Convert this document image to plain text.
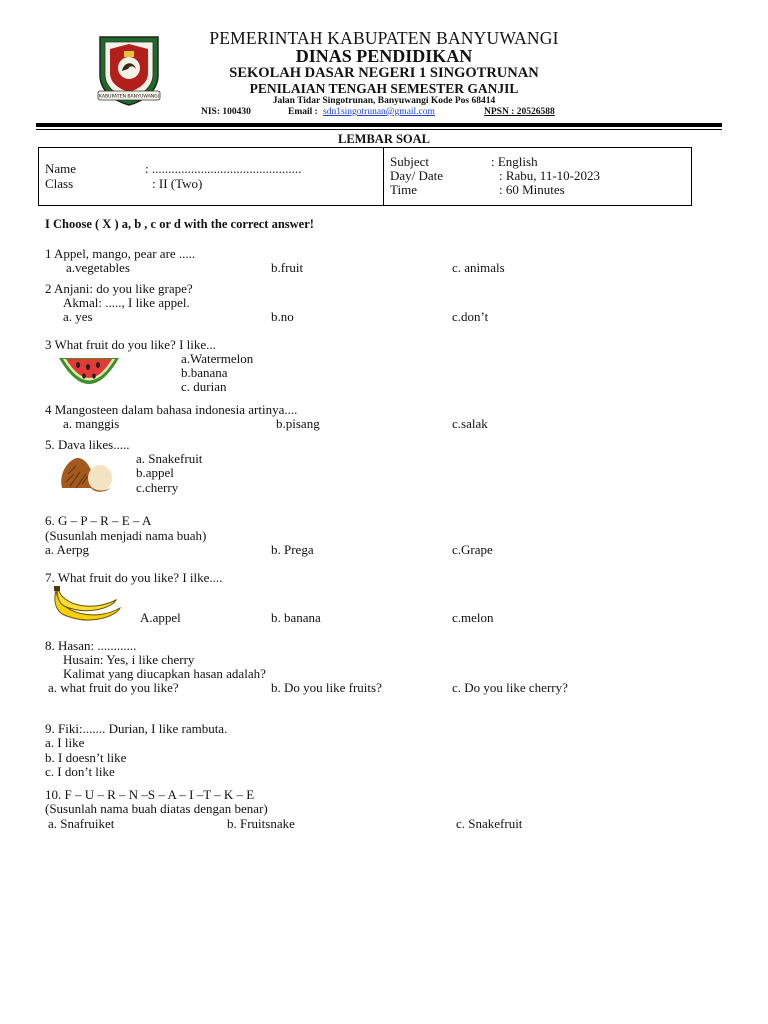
KABUPATEN BANYUWANGI
PEMERINTAH KABUPATEN BANYUWANGI
DINAS PENDIDIKAN
SEKOLAH DASAR NEGERI 1 SINGOTRUNAN
PENILAIAN TENGAH SEMESTER GANJIL
Jalan Tidar Singotrunan, Banyuwangi Kode Pos 68414
NIS: 100430	Email : sdn1singotrunan@gmail.com	NPSN : 20526588
LEMBAR SOAL
Name	: ..............................................
Class	: II (Two)
Subject	: English
Day/ Date	: Rabu, 11-10-2023
Time	: 60 Minutes
I Choose ( X ) a, b , c or d with the correct answer!
1 Appel, mango, pear are .....
a.vegetables	b.fruit	c. animals
2 Anjani: do you like grape?
Akmal: ....., I like appel.
a. yes	b.no	c.don’t
3 What fruit do you like? I like...
a.Watermelon
b.banana
c. durian
4 Mangosteen dalam bahasa indonesia artinya....
a. manggis	b.pisang	c.salak
5. Dava likes.....
a. Snakefruit
b.appel
c.cherry
6. G – P – R – E – A
(Susunlah menjadi nama buah)
a. Aerpg	b. Prega	c.Grape
7. What fruit do you like? I ilke....
A.appel	b. banana	c.melon
8. Hasan: ............
Husain: Yes, i like cherry
Kalimat yang diucapkan hasan adalah?
a. what fruit do you like?	b. Do you like fruits?	c. Do you like cherry?
9. Fiki:....... Durian, I like rambuta.
a. I like
b. I doesn’t like
c. I don’t like
10. F – U – R – N –S – A – I –T – K – E
(Susunlah nama buah diatas dengan benar)
a. Snafruiket	b. Fruitsnake	c. Snakefruit
